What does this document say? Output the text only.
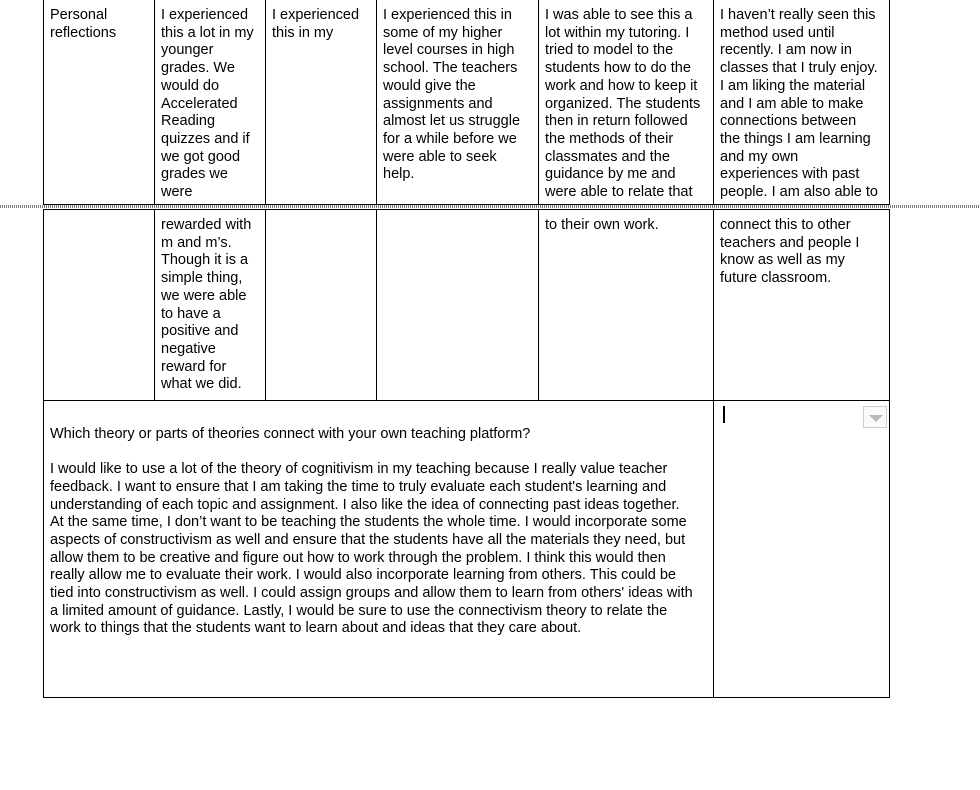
Personal
reflections
I experienced
this a lot in my
younger
grades. We
would do
Accelerated
Reading
quizzes and if
we got good
grades we
were
I experienced
this in my
I experienced this in
some of my higher
level courses in high
school. The teachers
would give the
assignments and
almost let us struggle
for a while before we
were able to seek
help.
I was able to see this a
lot within my tutoring. I
tried to model to the
students how to do the
work and how to keep it
organized. The students
then in return followed
the methods of their
classmates and the
guidance by me and
were able to relate that
I haven’t really seen this
method used until
recently. I am now in
classes that I truly enjoy.
I am liking the material
and I am able to make
connections between
the things I am learning
and my own
experiences with past
people. I am also able to
rewarded with
m and m’s.
Though it is a
simple thing,
we were able
to have a
positive and
negative
reward for
what we did.
to their own work.	connect this to other
teachers and people I
know as well as my
future classroom.

Which theory or parts of theories connect with your own teaching platform?

I would like to use a lot of the theory of cognitivism in my teaching because I really value teacher
feedback. I want to ensure that I am taking the time to truly evaluate each student's learning and
understanding of each topic and assignment. I also like the idea of connecting past ideas together.
At the same time, I don’t want to be teaching the students the whole time. I would incorporate some
aspects of constructivism as well and ensure that the students have all the materials they need, but
allow them to be creative and figure out how to work through the problem. I think this would then
really allow me to evaluate their work. I would also incorporate learning from others. This could be
tied into constructivism as well. I could assign groups and allow them to learn from others' ideas with
a limited amount of guidance. Lastly, I would be sure to use the connectivism theory to relate the
work to things that the students want to learn about and ideas that they care about.
